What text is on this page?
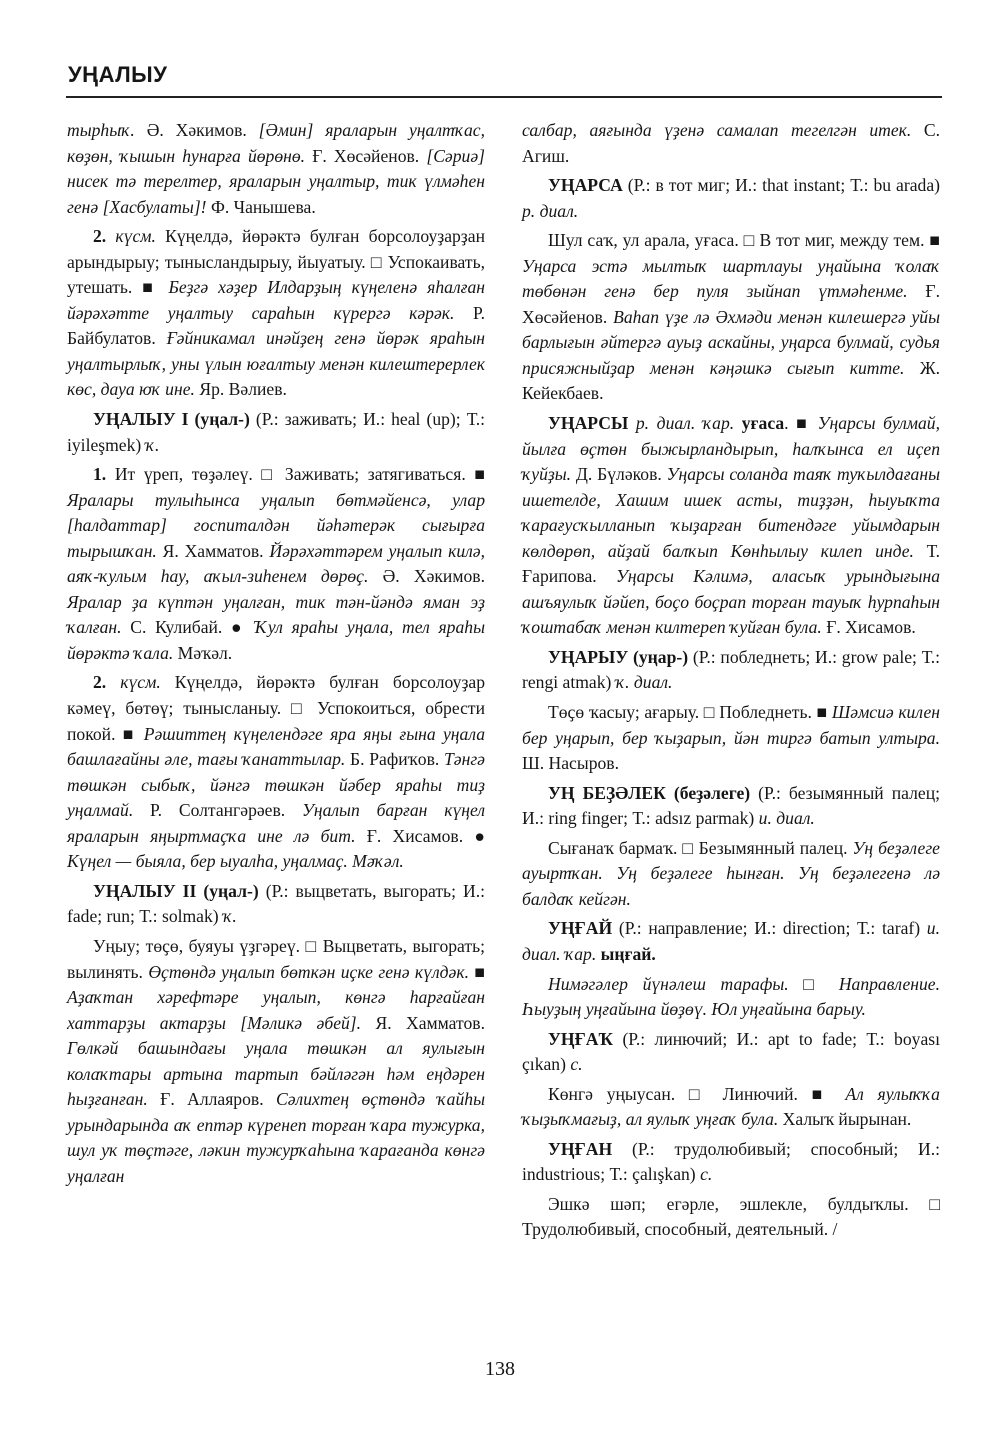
УҢАЛЫУ

тырһыҡ. Ә. Хәкимов. [Әмин] яраларын уңалтҡас, көҙөн, ҡышын һунарға йөрөнө. Ғ. Хөсәйенов. [Сәриә] нисек тә терелтер, яраларын уңалтыр, тик үлмәһен генә [Хасбулаты]! Ф. Чанышева.

2. күсм. Күңелдә, йөрәктә булған борсолоуҙарҙан арындырыу; тынысландырыу, йыуатыу. □ Успокаивать, утешать. ■ Беҙгә хәҙер Илдарҙың күңеленә яһалған йәрәхәтте уңалтыу сараһын күрергә кәрәк. Р. Байбулатов. Ғәйникамал инәйҙең генә йөрәк яраһын уңалтырлыҡ, уны үлын юғалтыу менән килештерерлек көс, дауа юҡ ине. Яр. Вәлиев.

УҢАЛЫУ I (уңал-) (Р.: заживать; И.: heal (up); Т.: iyileşmek) ҡ.

1. Ит үреп, төҙәлеү. □ Заживать; затягиваться. ■ Яралары тулыһынса уңалып бөтмәйенсә, улар [һалдаттар] госпиталдән йәһәтерәк сығырға тырышҡан. Я. Хамматов. Йәрәхәттәрем уңалып килә, аяҡ-ҡулым һау, аҡыл-зиһенем дөрөҫ. Ә. Хәкимов. Яралар ҙа күптән уңалған, тик тән-йәндә яман эҙ ҡалған. С. Кулибай. ● Ҡул яраһы уңала, тел яраһы йөрәктә ҡала. Мәҡәл.

2. күсм. Күңелдә, йөрәктә булған борсолоуҙар кәмеү, бөтөү; тынысланыу. □ Успокоиться, обрести покой. ■ Рәшиттең күңелендәге яра яңы ғына уңала башлағайны әле, тағы ҡанаттылар. Б. Рафиҡов. Тәнгә төшкән сыбыҡ, йәнгә төшкән йәбер яраһы тиҙ уңалмай. Р. Солтангәрәев. Уңалып барған күңел яраларын яңыртмаҫҡа ине лә бит. Ғ. Хисамов. ● Күңел — быяла, бер ыуалһа, уңалмаҫ. Мәҡәл.

УҢАЛЫУ II (уңал-) (Р.: выцветать, выгорать; И.: fade; run; Т.: solmak) ҡ.

Уңыу; төҫө, буяуы үҙгәреү. □ Выцветать, выгорать; вылинять. Өҫтөндә уңалып бөткән иҫке генә күлдәк. ■ Аҙаҡтан хәрефтәре уңалып, көнгә һарғайған хаттарҙы актарҙы [Мәликә әбей]. Я. Хамматов. Гөлкәй башындағы уңала төшкән ал яулығын колаҡтары артына тартып бәйләгән һәм еңдәрен һыҙғанған. Ғ. Аллаяров. Сәлихтең өҫтөндә ҡайһы урындарында аҡ ептәр күренеп торған ҡара тужурка, шул уҡ төҫтәге, ләкин тужурҡаһына ҡарағанда көнгә уңалған

салбар, аяғында үҙенә самалап тегелгән итек. С. Агиш.

УҢАРСА (Р.: в тот миг; И.: that instant; Т.: bu arada) р. диал.

Шул саҡ, ул арала, уғаса. □ В тот миг, между тем. ■ Уңарса эстә мылтыҡ шартлауы уңайына ҡолаҡ төбөнән генә бер пуля зыйнап үтмәһенме. Ғ. Хөсәйенов. Ваһап үҙе лә Әхмәди менән килешергә уйы барлығын әйтергә ауыҙ аскайны, уңарса булмай, судья присяжныйҙар менән кәңәшкә сығып китте. Ж. Кейекбаев.

УҢАРСЫ р. диал. ҡар. уғаса. ■ Уңарсы булмай, йылға өҫтөн быжырландырып, һалҡынса ел иҫеп ҡуйҙы. Д. Бүләков. Уңарсы соланда таяҡ туҡылдағаны ишетелде, Хашим ишек асты, тиҙҙән, һыуыҡта ҡарағусҡылланып ҡыҙарған битендәге уйымдарын көлдөрөп, айҙай балҡып Көнһылыу килеп инде. Т. Ғарипова. Уңарсы Кәлимә, аласыҡ урындығына ашъяулыҡ йәйеп, боҫо боҫрап торған тауыҡ һурпаһын ҡоштабаҡ менән килтереп ҡуйған була. Ғ. Хисамов.

УҢАРЫУ (уңар-) (Р.: побледнеть; И.: grow pale; Т.: rengi atmak) ҡ. диал.

Төҫө ҡасыу; ағарыу. □ Побледнеть. ■ Шәмсиә килен бер уңарып, бер ҡыҙарып, йән тиргә батып ултыра. Ш. Насыров.

УҢ БЕҘӘЛЕК (беҙәлеге) (Р.: безымянный палец; И.: ring finger; Т.: adsız parmak) и. диал.

Сығанаҡ бармаҡ. □ Безымянный палец. Уң беҙәлеге ауыртҡан. Уң беҙәлеге һынған. Уң беҙәлегенә лә балдаҡ кейгән.

УҢҒАЙ (Р.: направление; И.: direction; Т.: taraf) и. диал. ҡар. ыңғай.

Нимәгәлер йүнәлеш тарафы. □ Направление. Һыуҙың уңғайына йөҙөү. Юл уңғайына барыу.

УҢҒАҠ (Р.: линючий; И.: apt to fade; Т.: boyası çıkan) с.

Көнгә уңыусан. □ Линючий. ■ Ал яулыҡҡа ҡыҙыҡмағыҙ, ал яулыҡ уңғаҡ була. Халыҡ йырынан.

УҢҒАН (Р.: трудолюбивый; способный; И.: industrious; Т.: çalışkan) с.

Эшкә шәп; егәрле, эшлекле, булдыҡлы. □ Трудолюбивый, способный, деятельный. /

138
